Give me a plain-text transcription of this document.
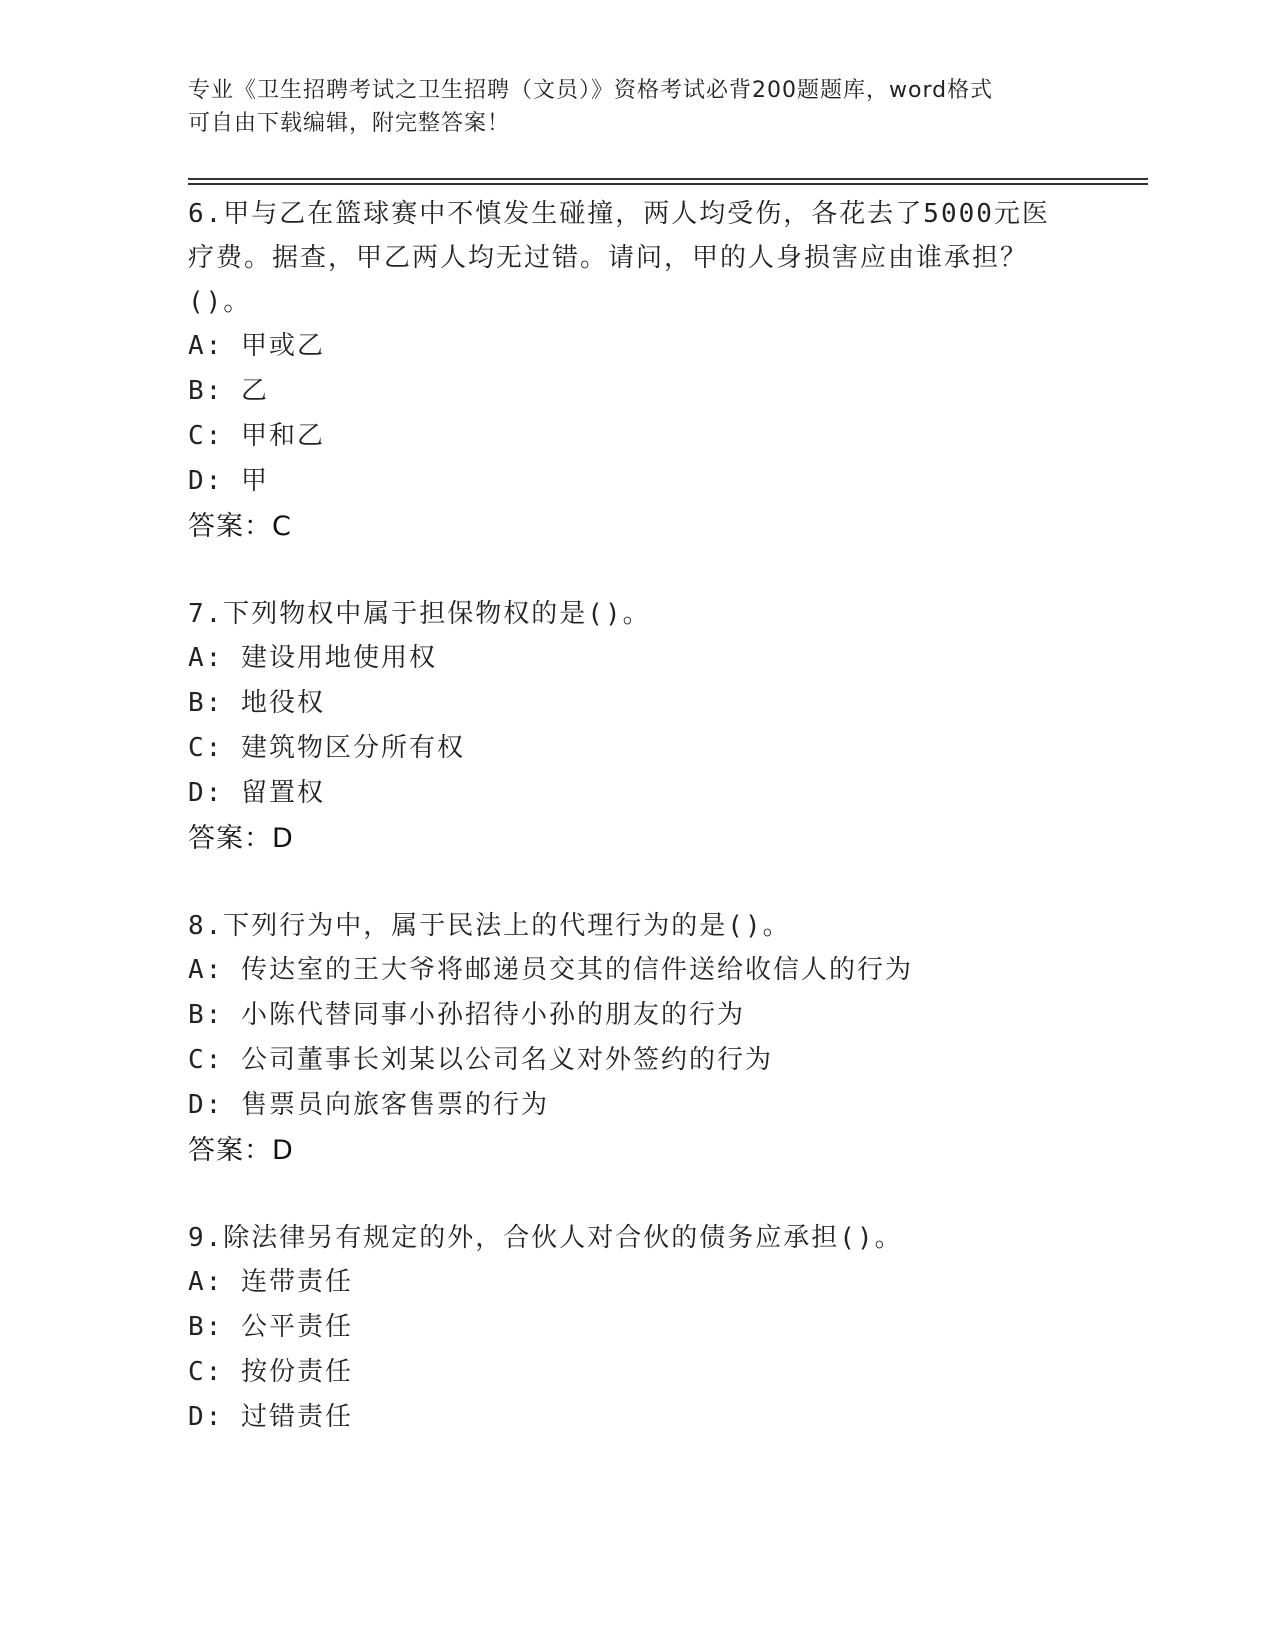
专业《卫生招聘考试之卫生招聘（文员）》资格考试必背200题题库，word格式
可自由下载编辑，附完整答案！
6.甲与乙在篮球赛中不慎发生碰撞，两人均受伤，各花去了5000元医
疗费。据查，甲乙两人均无过错。请问，甲的人身损害应由谁承担？
()。
A: 甲或乙
B: 乙
C: 甲和乙
D: 甲
答案：C
7.下列物权中属于担保物权的是()。
A: 建设用地使用权
B: 地役权
C: 建筑物区分所有权
D: 留置权
答案：D
8.下列行为中，属于民法上的代理行为的是()。
A: 传达室的王大爷将邮递员交其的信件送给收信人的行为
B: 小陈代替同事小孙招待小孙的朋友的行为
C: 公司董事长刘某以公司名义对外签约的行为
D: 售票员向旅客售票的行为
答案：D
9.除法律另有规定的外，合伙人对合伙的债务应承担()。
A: 连带责任
B: 公平责任
C: 按份责任
D: 过错责任
